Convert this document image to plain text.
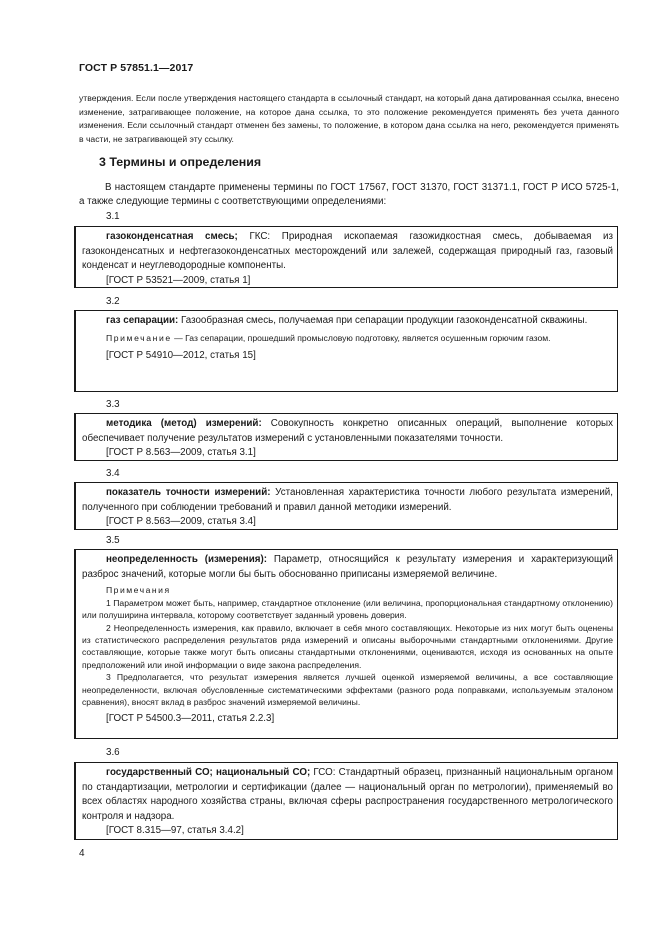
ГОСТ Р 57851.1—2017

утверждения. Если после утверждения настоящего стандарта в ссылочный стандарт, на который дана датированная ссылка, внесено изменение, затрагивающее положение, на которое дана ссылка, то это положение рекомендуется применять без учета данного изменения. Если ссылочный стандарт отменен без замены, то положение, в котором дана ссылка на него, рекомендуется применять в части, не затрагивающей эту ссылку.

3 Термины и определения

В настоящем стандарте применены термины по ГОСТ 17567, ГОСТ 31370, ГОСТ 31371.1, ГОСТ Р ИСО 5725-1, а также следующие термины с соответствующими определениями:

3.1

газоконденсатная смесь; ГКС: Природная ископаемая газожидкостная смесь, добываемая из газоконденсатных и нефтегазоконденсатных месторождений или залежей, содержащая природный газ, газовый конденсат и неуглеводородные компоненты.

[ГОСТ Р 53521—2009, статья 1]

3.2

газ сепарации: Газообразная смесь, получаемая при сепарации продукции газоконденсатной скважины.

Примечание — Газ сепарации, прошедший промысловую подготовку, является осушенным горючим газом.

[ГОСТ Р 54910—2012, статья 15]

3.3

методика (метод) измерений: Совокупность конкретно описанных операций, выполнение которых обеспечивает получение результатов измерений с установленными показателями точности.

[ГОСТ Р 8.563—2009, статья 3.1]

3.4

показатель точности измерений: Установленная характеристика точности любого результата измерений, полученного при соблюдении требований и правил данной методики измерений.

[ГОСТ Р 8.563—2009, статья 3.4]

3.5

неопределенность (измерения): Параметр, относящийся к результату измерения и характеризующий разброс значений, которые могли бы быть обоснованно приписаны измеряемой величине.

Примечания

1 Параметром может быть, например, стандартное отклонение (или величина, пропорциональная стандартному отклонению) или полуширина интервала, которому соответствует заданный уровень доверия.

2 Неопределенность измерения, как правило, включает в себя много составляющих. Некоторые из них могут быть оценены из статистического распределения результатов ряда измерений и описаны выборочными стандартными отклонениями. Другие составляющие, которые также могут быть описаны стандартными отклонениями, оцениваются, исходя из основанных на опыте предположений или иной информации о виде закона распределения.

3 Предполагается, что результат измерения является лучшей оценкой измеряемой величины, а все составляющие неопределенности, включая обусловленные систематическими эффектами (разного рода поправками, используемым эталоном сравнения), вносят вклад в разброс значений измеряемой величины.

[ГОСТ Р 54500.3—2011, статья 2.2.3]

3.6

государственный СО; национальный СО; ГСО: Стандартный образец, признанный национальным органом по стандартизации, метрологии и сертификации (далее — национальный орган по метрологии), применяемый во всех областях народного хозяйства страны, включая сферы распространения государственного метрологического контроля и надзора.

[ГОСТ 8.315—97, статья 3.4.2]

4
